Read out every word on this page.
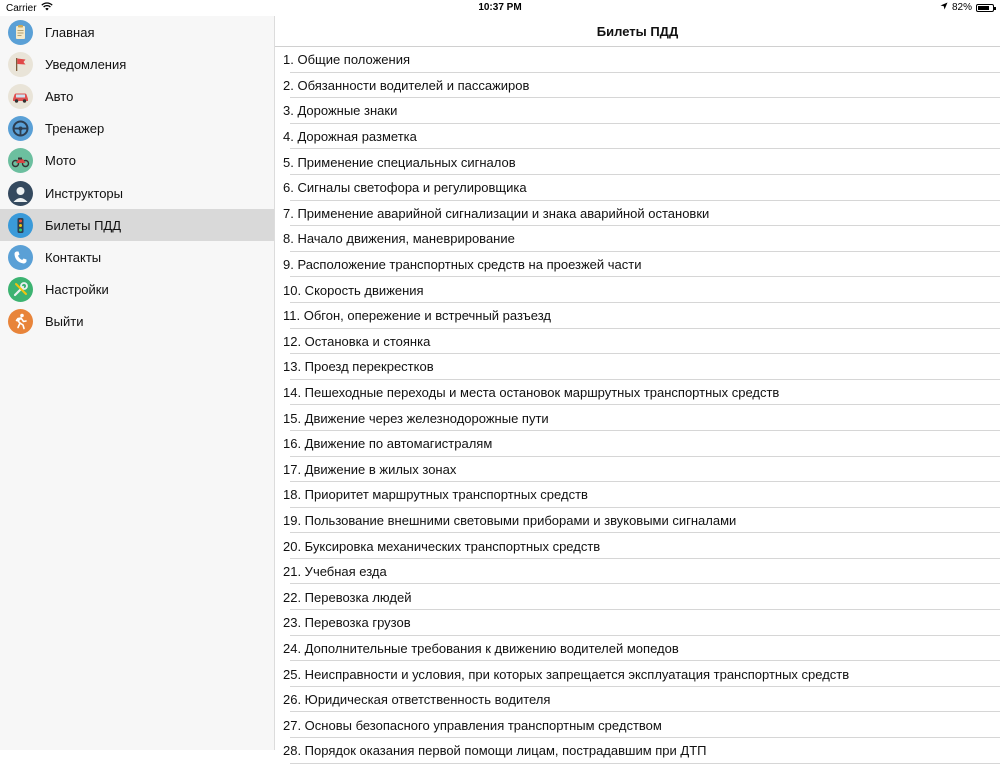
Carrier	10:37 PM	82%
Главная
Уведомления
Авто
Тренажер
Мото
Инструкторы
Билеты ПДД
Контакты
Настройки
Выйти
Билеты ПДД
1. Общие положения
2. Обязанности водителей и пассажиров
3. Дорожные знаки
4. Дорожная разметка
5. Применение специальных сигналов
6. Сигналы светофора и регулировщика
7. Применение аварийной сигнализации и знака аварийной остановки
8. Начало движения, маневрирование
9. Расположение транспортных средств на проезжей части
10. Скорость движения
11. Обгон, опережение и встречный разъезд
12. Остановка и стоянка
13. Проезд перекрестков
14. Пешеходные переходы и места остановок маршрутных транспортных средств
15. Движение через железнодорожные пути
16. Движение по автомагистралям
17. Движение в жилых зонах
18. Приоритет маршрутных транспортных средств
19. Пользование внешними световыми приборами и звуковыми сигналами
20. Буксировка механических транспортных средств
21. Учебная езда
22. Перевозка людей
23. Перевозка грузов
24. Дополнительные требования к движению водителей мопедов
25. Неисправности и условия, при которых запрещается эксплуатация транспортных средств
26. Юридическая ответственность водителя
27. Основы безопасного управления транспортным средством
28. Порядок оказания первой помощи лицам, пострадавшим при ДТП
